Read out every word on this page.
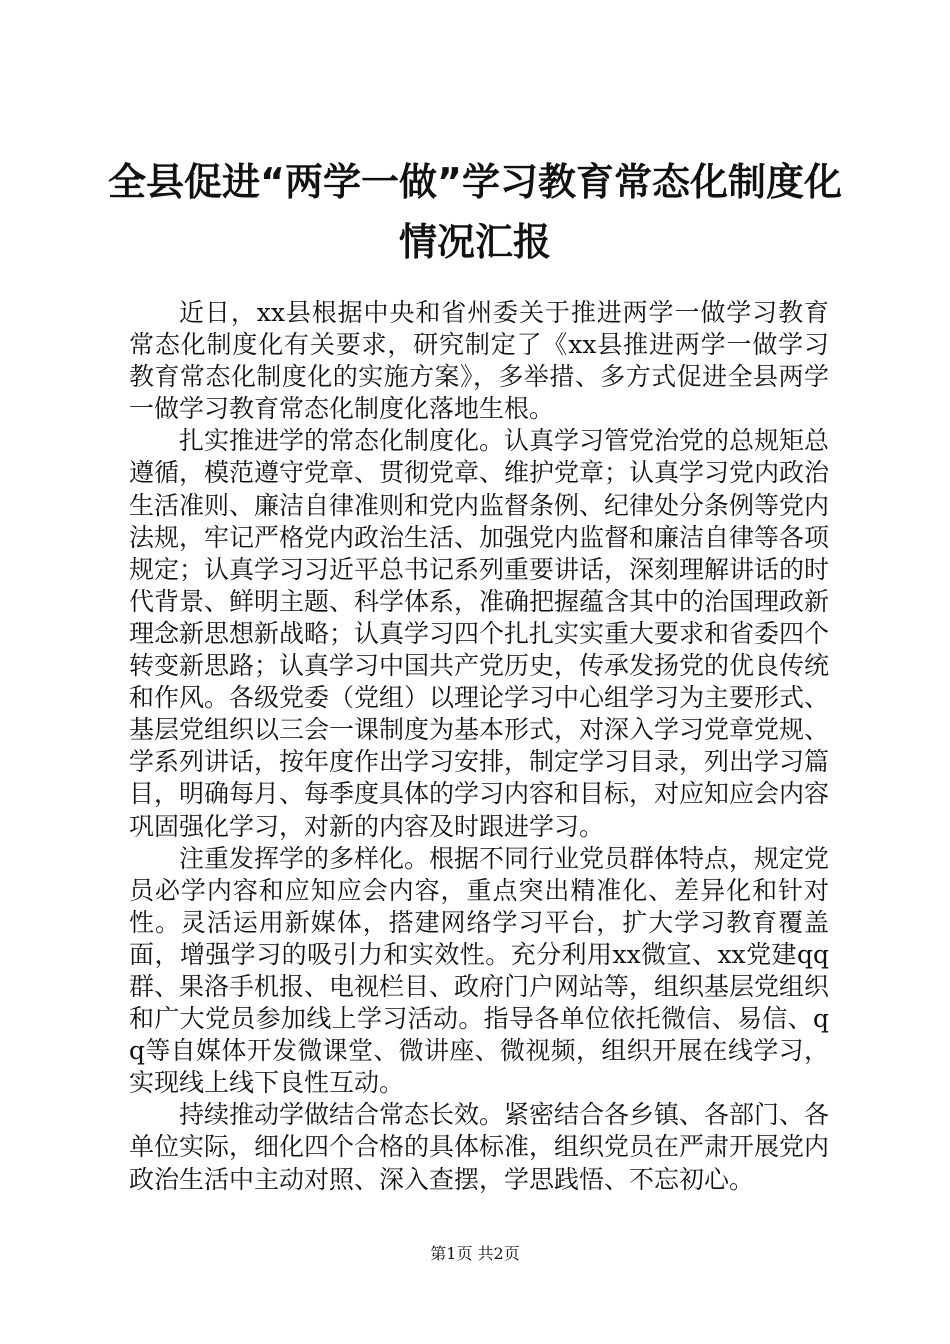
全县促进“两学一做”学习教育常态化制度化
情况汇报

近日，xx县根据中央和省州委关于推进两学一做学习教育常态化制度化有关要求，研究制定了《xx县推进两学一做学习教育常态化制度化的实施方案》，多举措、多方式促进全县两学一做学习教育常态化制度化落地生根。

扎实推进学的常态化制度化。认真学习管党治党的总规矩总遵循，模范遵守党章、贯彻党章、维护党章；认真学习党内政治生活准则、廉洁自律准则和党内监督条例、纪律处分条例等党内法规，牢记严格党内政治生活、加强党内监督和廉洁自律等各项规定；认真学习习近平总书记系列重要讲话，深刻理解讲话的时代背景、鲜明主题、科学体系，准确把握蕴含其中的治国理政新理念新思想新战略；认真学习四个扎扎实实重大要求和省委四个转变新思路；认真学习中国共产党历史，传承发扬党的优良传统和作风。各级党委（党组）以理论学习中心组学习为主要形式、基层党组织以三会一课制度为基本形式，对深入学习党章党规、学系列讲话，按年度作出学习安排，制定学习目录，列出学习篇目，明确每月、每季度具体的学习内容和目标，对应知应会内容巩固强化学习，对新的内容及时跟进学习。

注重发挥学的多样化。根据不同行业党员群体特点，规定党员必学内容和应知应会内容，重点突出精准化、差异化和针对性。灵活运用新媒体，搭建网络学习平台，扩大学习教育覆盖面，增强学习的吸引力和实效性。充分利用xx微宣、xx党建qq群、果洛手机报、电视栏目、政府门户网站等，组织基层党组织和广大党员参加线上学习活动。指导各单位依托微信、易信、qq等自媒体开发微课堂、微讲座、微视频，组织开展在线学习，实现线上线下良性互动。

持续推动学做结合常态长效。紧密结合各乡镇、各部门、各单位实际，细化四个合格的具体标准，组织党员在严肃开展党内政治生活中主动对照、深入查摆，学思践悟、不忘初心。

第1页 共2页
